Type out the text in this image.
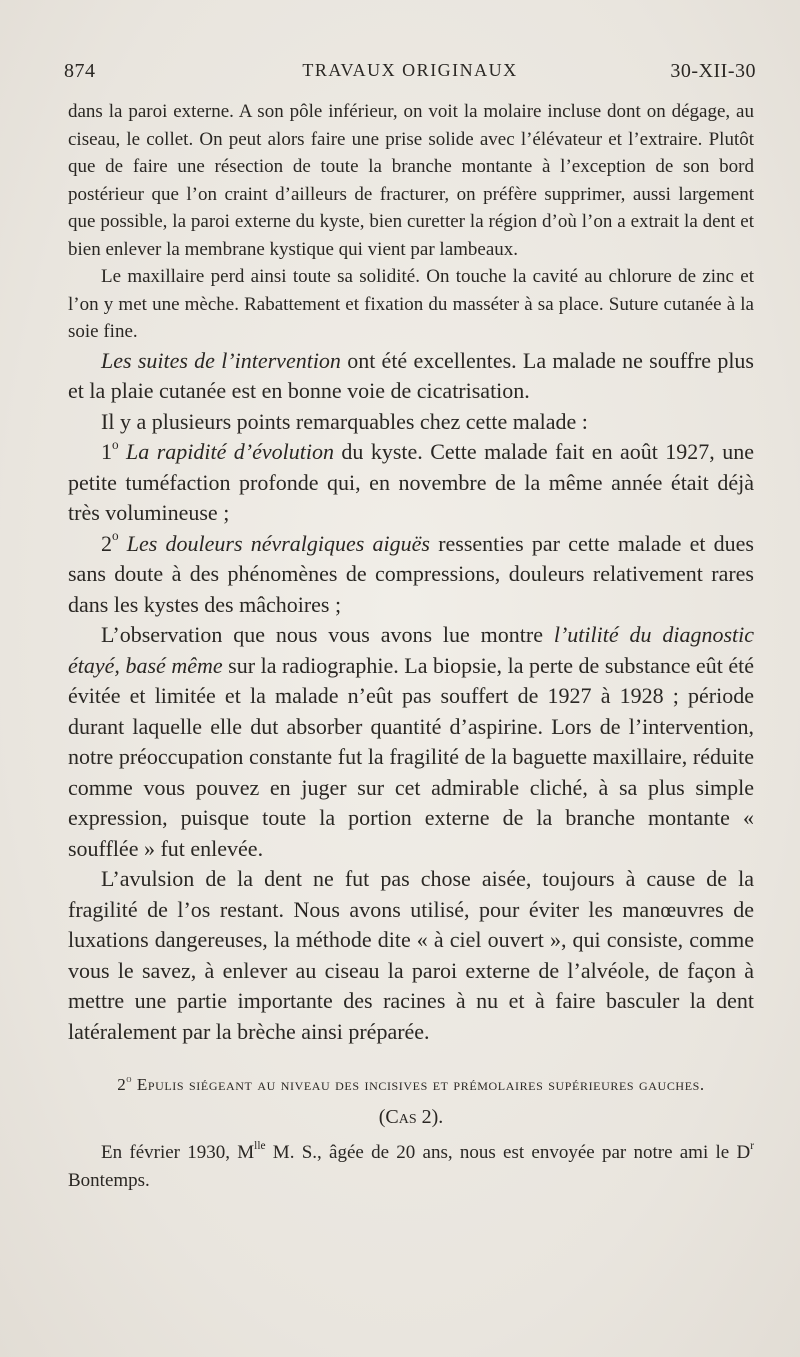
874	TRAVAUX ORIGINAUX	30-XII-30

dans la paroi externe. A son pôle inférieur, on voit la molaire incluse dont on dégage, au ciseau, le collet. On peut alors faire une prise solide avec l’élévateur et l’extraire. Plutôt que de faire une résection de toute la branche montante à l’exception de son bord postérieur que l’on craint d’ailleurs de fracturer, on préfère supprimer, aussi largement que possible, la paroi externe du kyste, bien curetter la région d’où l’on a extrait la dent et bien enlever la membrane kystique qui vient par lambeaux.

Le maxillaire perd ainsi toute sa solidité. On touche la cavité au chlorure de zinc et l’on y met une mèche. Rabattement et fixation du masséter à sa place. Suture cutanée à la soie fine.

Les suites de l’intervention ont été excellentes. La malade ne souffre plus et la plaie cutanée est en bonne voie de cicatrisation.

Il y a plusieurs points remarquables chez cette malade :

1$^o$ La rapidité d’évolution du kyste. Cette malade fait en août 1927, une petite tuméfaction profonde qui, en novembre de la même année était déjà très volumineuse ;

2$^o$ Les douleurs névralgiques aiguës ressenties par cette malade et dues sans doute à des phénomènes de compressions, douleurs relativement rares dans les kystes des mâchoires ;

L’observation que nous vous avons lue montre l’utilité du diagnostic étayé, basé même sur la radiographie. La biopsie, la perte de substance eût été évitée et limitée et la malade n’eût pas souffert de 1927 à 1928 ; période durant laquelle elle dut absorber quantité d’aspirine. Lors de l’intervention, notre préoccupation constante fut la fragilité de la baguette maxillaire, réduite comme vous pouvez en juger sur cet admirable cliché, à sa plus simple expression, puisque toute la portion externe de la branche montante « soufflée » fut enlevée.

L’avulsion de la dent ne fut pas chose aisée, toujours à cause de la fragilité de l’os restant. Nous avons utilisé, pour éviter les manœuvres de luxations dangereuses, la méthode dite « à ciel ouvert », qui consiste, comme vous le savez, à enlever au ciseau la paroi externe de l’alvéole, de façon à mettre une partie importante des racines à nu et à faire basculer la dent latéralement par la brèche ainsi préparée.

2$^o$ Epulis siégeant au niveau des incisives et prémolaires supérieures gauches.
(Cas 2).

En février 1930, $M^{lle}$ M. S., âgée de 20 ans, nous est envoyée par notre ami le $D^r$ Bontemps.
